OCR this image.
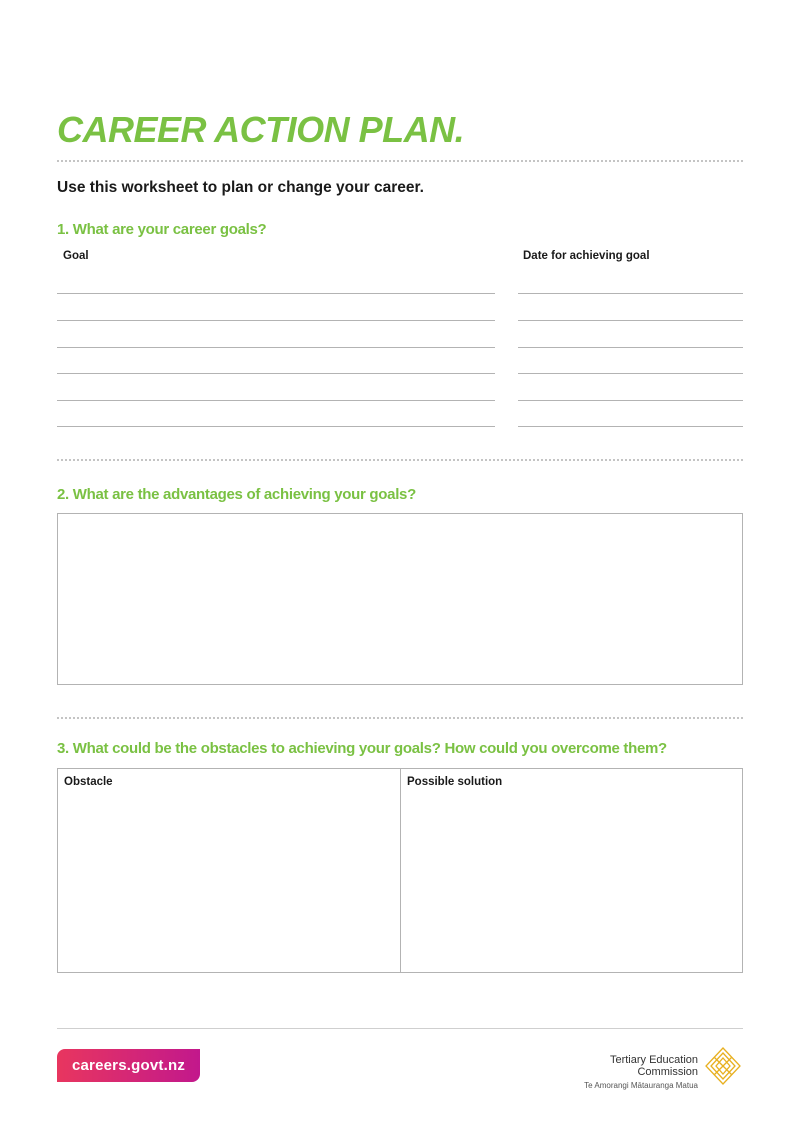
CAREER ACTION PLAN.

Use this worksheet to plan or change your career.

1. What are your career goals?

Goal	Date for achieving goal

2. What are the advantages of achieving your goals?
3. What could be the obstacles to achieving your goals? How could you overcome them?
Obstacle	Possible solution
careers.govt.nz	Tertiary Education
Commission
Te Amorangi Mātauranga Matua
